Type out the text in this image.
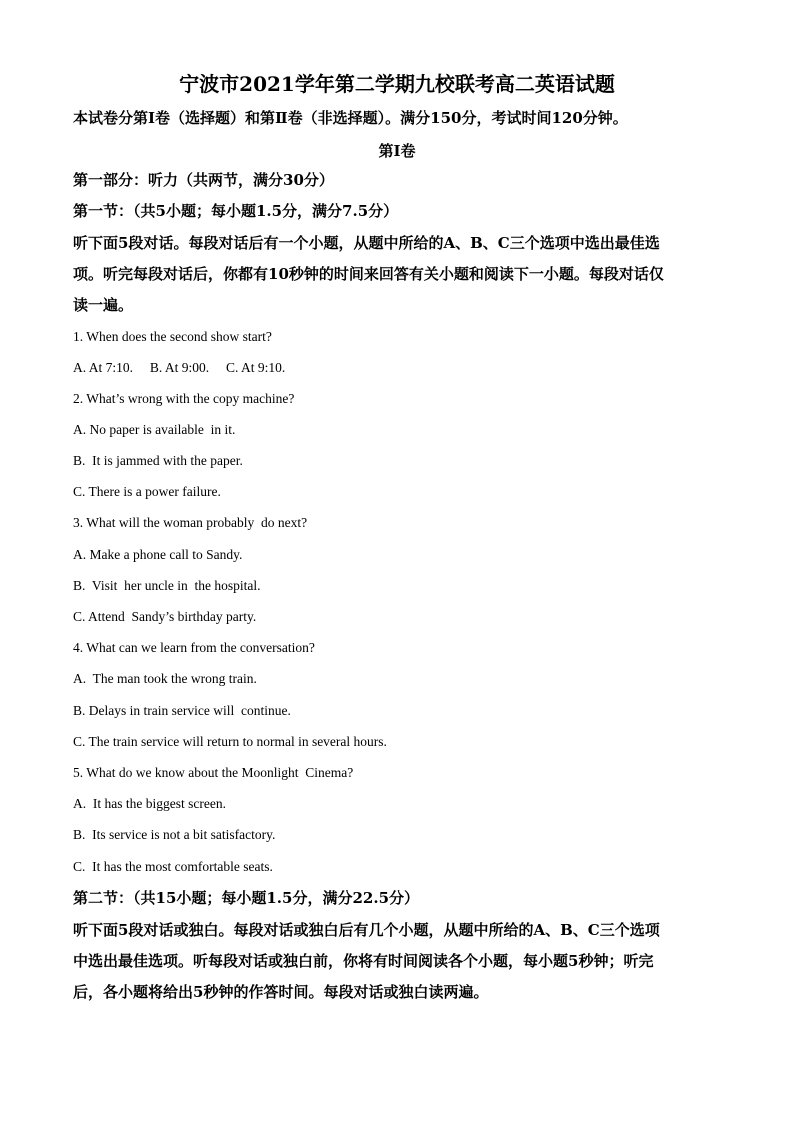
宁波市2021学年第二学期九校联考高二英语试题
本试卷分第Ⅰ卷（选择题）和第Ⅱ卷（非选择题）。满分150分，考试时间120分钟。
第Ⅰ卷
第一部分：听力（共两节，满分30分）
第一节：（共5小题；每小题1.5分，满分7.5分）
听下面5段对话。每段对话后有一个小题，从题中所给的A、B、C三个选项中选出最佳选
项。听完每段对话后，你都有10秒钟的时间来回答有关小题和阅读下一小题。每段对话仅
读一遍。
1. When does the second show start?
A. At 7:10.     B. At 9:00.     C. At 9:10.
2. What’s wrong with the copy machine?
A. No paper is available  in it.
B.  It is jammed with the paper.
C. There is a power failure.
3. What will the woman probably  do next?
A. Make a phone call to Sandy.
B.  Visit  her uncle in  the hospital.
C. Attend  Sandy’s birthday party.
4. What can we learn from the conversation?
A.  The man took the wrong train.
B. Delays in train service will  continue.
C. The train service will return to normal in several hours.
5. What do we know about the Moonlight  Cinema?
A.  It has the biggest screen.
B.  Its service is not a bit satisfactory.
C.  It has the most comfortable seats.
第二节：（共15小题；每小题1.5分，满分22.5分）
听下面5段对话或独白。每段对话或独白后有几个小题，从题中所给的A、B、C三个选项
中选出最佳选项。听每段对话或独白前，你将有时间阅读各个小题，每小题5秒钟；听完
后，各小题将给出5秒钟的作答时间。每段对话或独白读两遍。
